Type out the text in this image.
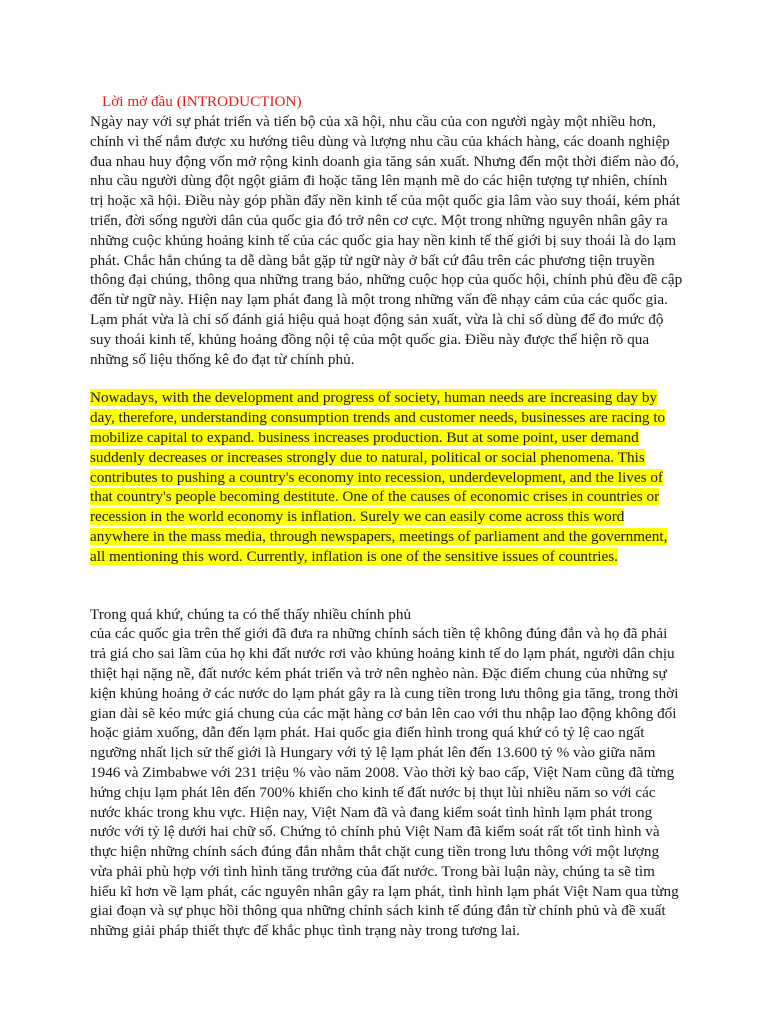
Lời mở đầu (INTRODUCTION)

Ngày nay với sự phát triển và tiến bộ của xã hội, nhu cầu của con người ngày một nhiều hơn,
chính vì thế nắm được xu hướng tiêu dùng và lượng nhu cầu của khách hàng, các doanh nghiệp
đua nhau huy động vốn mở rộng kinh doanh gia tăng sản xuất. Nhưng đến một thời điểm nào đó,
nhu cầu người dùng đột ngột giảm đi hoặc tăng lên mạnh mẽ do các hiện tượng tự nhiên, chính
trị hoặc xã hội. Điều này góp phần đẩy nền kinh tế của một quốc gia lâm vào suy thoái, kém phát
triển, đời sống người dân của quốc gia đó trở nên cơ cực. Một trong những nguyên nhân gây ra
những cuộc khủng hoảng kinh tế của các quốc gia hay nền kinh tế thế giới bị suy thoái là do lạm
phát. Chắc hẳn chúng ta dễ dàng bắt gặp từ ngữ này ở bất cứ đâu trên các phương tiện truyền
thông đại chúng, thông qua những trang báo, những cuộc họp của quốc hội, chính phủ đều đề cập
đến từ ngữ này. Hiện nay lạm phát đang là một trong những vấn đề nhạy cảm của các quốc gia.
Lạm phát vừa là chỉ số đánh giá hiệu quả hoạt động sản xuất, vừa là chỉ số dùng để đo mức độ
suy thoái kinh tế, khủng hoảng đồng nội tệ của một quốc gia. Điều này được thể hiện rõ qua
những số liệu thống kê đo đạt từ chính phủ.
Nowadays, with the development and progress of society, human needs are increasing day by
day, therefore, understanding consumption trends and customer needs, businesses are racing to
mobilize capital to expand. business increases production. But at some point, user demand
suddenly decreases or increases strongly due to natural, political or social phenomena. This
contributes to pushing a country's economy into recession, underdevelopment, and the lives of
that country's people becoming destitute. One of the causes of economic crises in countries or
recession in the world economy is inflation. Surely we can easily come across this word
anywhere in the mass media, through newspapers, meetings of parliament and the government,
all mentioning this word. Currently, inflation is one of the sensitive issues of countries.
Trong quá khứ, chúng ta có thể thấy nhiều chính phủ
của các quốc gia trên thế giới đã đưa ra những chính sách tiền tệ không đúng đắn và họ đã phải
trả giá cho sai lầm của họ khi đất nước rơi vào khủng hoảng kinh tế do lạm phát, người dân chịu
thiệt hại nặng nề, đất nước kém phát triển và trở nên nghèo nàn. Đặc điểm chung của những sự
kiện khủng hoảng ở các nước do lạm phát gây ra là cung tiền trong lưu thông gia tăng, trong thời
gian dài sẽ kéo mức giá chung của các mặt hàng cơ bản lên cao với thu nhập lao động không đổi
hoặc giảm xuống, dẫn đến lạm phát. Hai quốc gia điển hình trong quá khứ có tỷ lệ cao ngất
ngưỡng nhất lịch sử thế giới là Hungary với tỷ lệ lạm phát lên đến 13.600 tỷ % vào giữa năm
1946 và Zimbabwe với 231 triệu % vào năm 2008. Vào thời kỳ bao cấp, Việt Nam cũng đã từng
hứng chịu lạm phát lên đến 700% khiến cho kinh tế đất nước bị thụt lùi nhiều năm so với các
nước khác trong khu vực. Hiện nay, Việt Nam đã và đang kiểm soát tình hình lạm phát trong
nước với tỷ lệ dưới hai chữ số. Chứng tỏ chính phủ Việt Nam đã kiểm soát rất tốt tình hình và
thực hiện những chính sách đúng đắn nhằm thắt chặt cung tiền trong lưu thông với một lượng
vừa phải phù hợp với tình hình tăng trưởng của đất nước. Trong bài luận này, chúng ta sẽ tìm
hiểu kĩ hơn về lạm phát, các nguyên nhân gây ra lạm phát, tình hình lạm phát Việt Nam qua từng
giai đoạn và sự phục hồi thông qua những chính sách kinh tế đúng đắn từ chính phủ và đề xuất
những giải pháp thiết thực để khắc phục tình trạng này trong tương lai.
